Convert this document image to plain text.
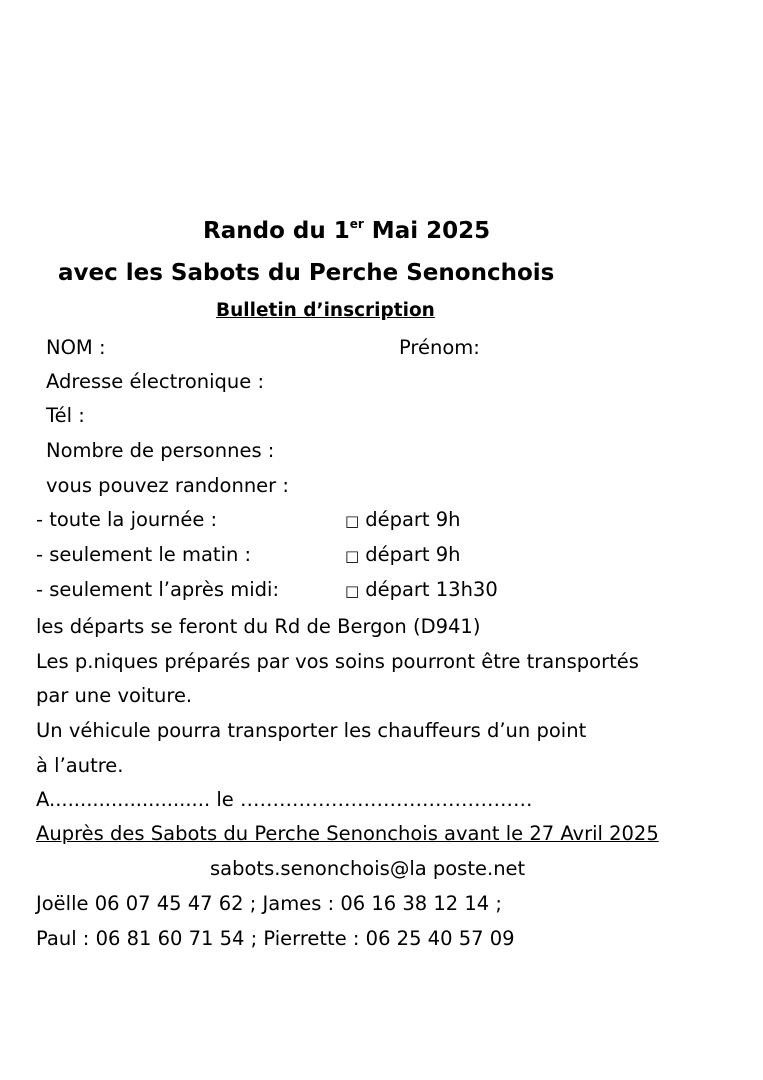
Rando du 1er Mai 2025
avec les Sabots du Perche Senonchois
Bulletin d’inscription
NOM :	Prénom:
Adresse électronique :
Tél :
Nombre de personnes :
vous pouvez randonner :
- toute la journée :	□ départ 9h
- seulement le matin :	□ départ 9h
- seulement l’après midi:	□ départ 13h30
les départs se feront du Rd de Bergon (D941)
Les p.niques préparés par vos soins pourront être transportés
par une voiture.
Un véhicule pourra transporter les chauffeurs d’un point
à l’autre.
A.......................... le ………………………………………
Auprès des Sabots du Perche Senonchois avant le 27 Avril 2025
sabots.senonchois@la poste.net
Joëlle 06 07 45 47 62 ; James : 06 16 38 12 14 ;
Paul : 06 81 60 71 54 ; Pierrette : 06 25 40 57 09
